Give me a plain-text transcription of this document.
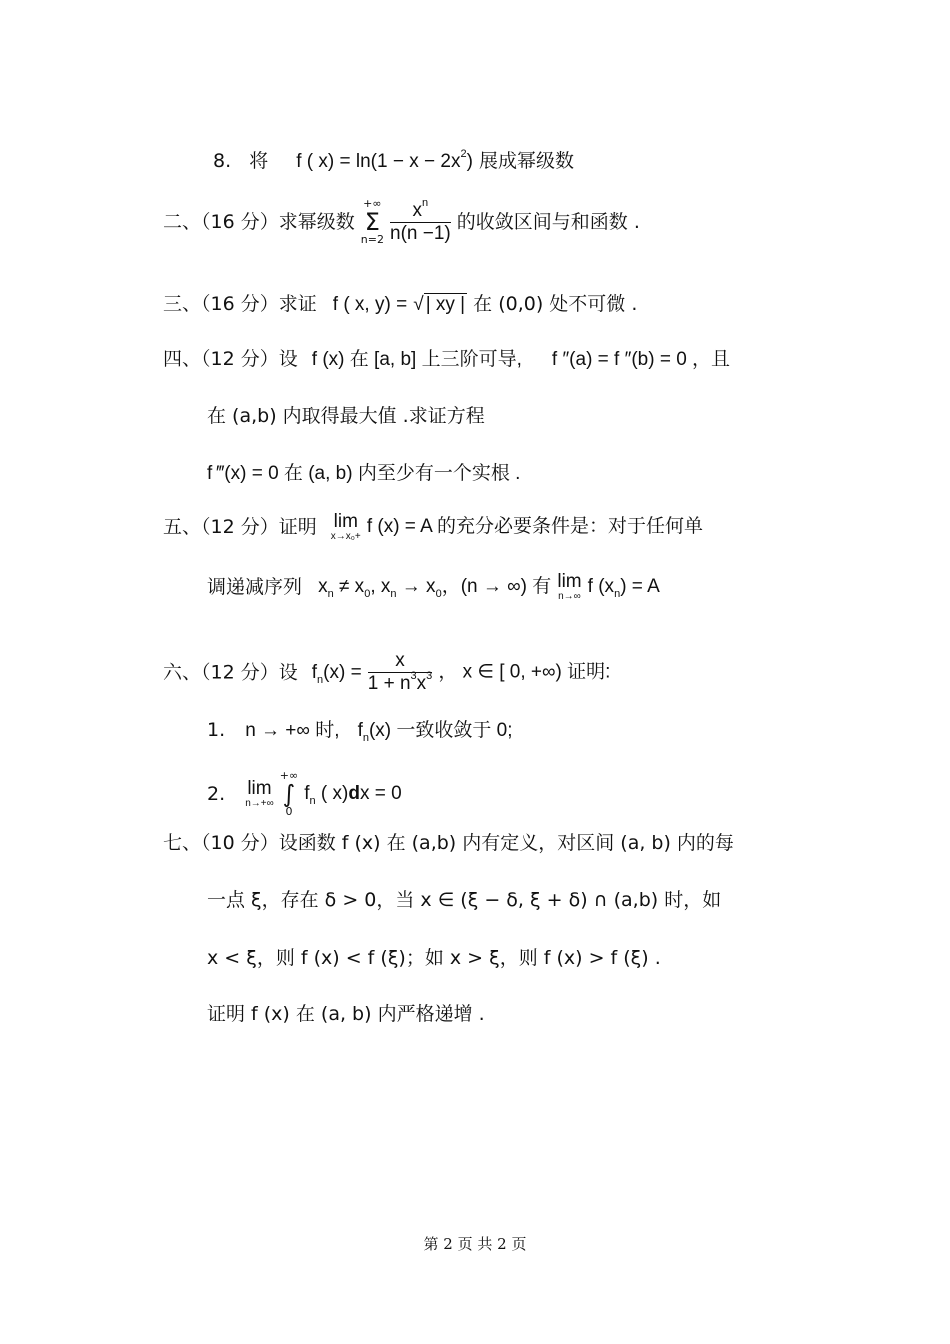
8. 将 f ( $x) = \ln(1 - x - 2x^2)$ 展成幂级数
二、（16 分）求幂级数
+∞
Σ
n=2
$\frac{x^n}{n(n -1)}$ 的收敛区间与和函数 .
三、（16 分）求证 f ( x, y) = √ | xy | 在 (0,0) 处不可微 .
四、（12 分）设 f (x) 在 [a, b] 上三阶可导, f ″(a) = f ″(b) = 0 ，且
在 (a,b) 内取得最大值 .求证方程
f ‴(x) = 0 在 (a, b) 内至少有一个实根 .
五、（12 分）证明 lim
x→x₀+ f (x) = A 的充分必要条件是：对于任何单
调递减序列 $x_n \ne x_0$, $x_n \to x_0$，(n → ∞) 有 lim
n→∞ f $(x_n) = A$
六、（12 分）设 $f_n(x) = \frac{x}{1 + n^3x^3}$ ， x ∈ [ 0, +∞) 证明:
1. n → +∞ 时, $f_n(x)$ 一致收敛于 0;
2. lim
n→+∞

+∞
∫
0
$f_n$ ( x)dx = 0
七、（10 分）设函数 f (x) 在 (a,b) 内有定义，对区间 (a, b) 内的每
一点 ξ，存在 δ > 0，当 x ∈ (ξ − δ, ξ + δ) ∩ (a,b) 时，如
x < ξ，则 f (x) < f (ξ)；如 x > ξ，则 f (x) > f (ξ) .
证明 f (x) 在 (a, b) 内严格递增 .
第 2 页 共 2 页
